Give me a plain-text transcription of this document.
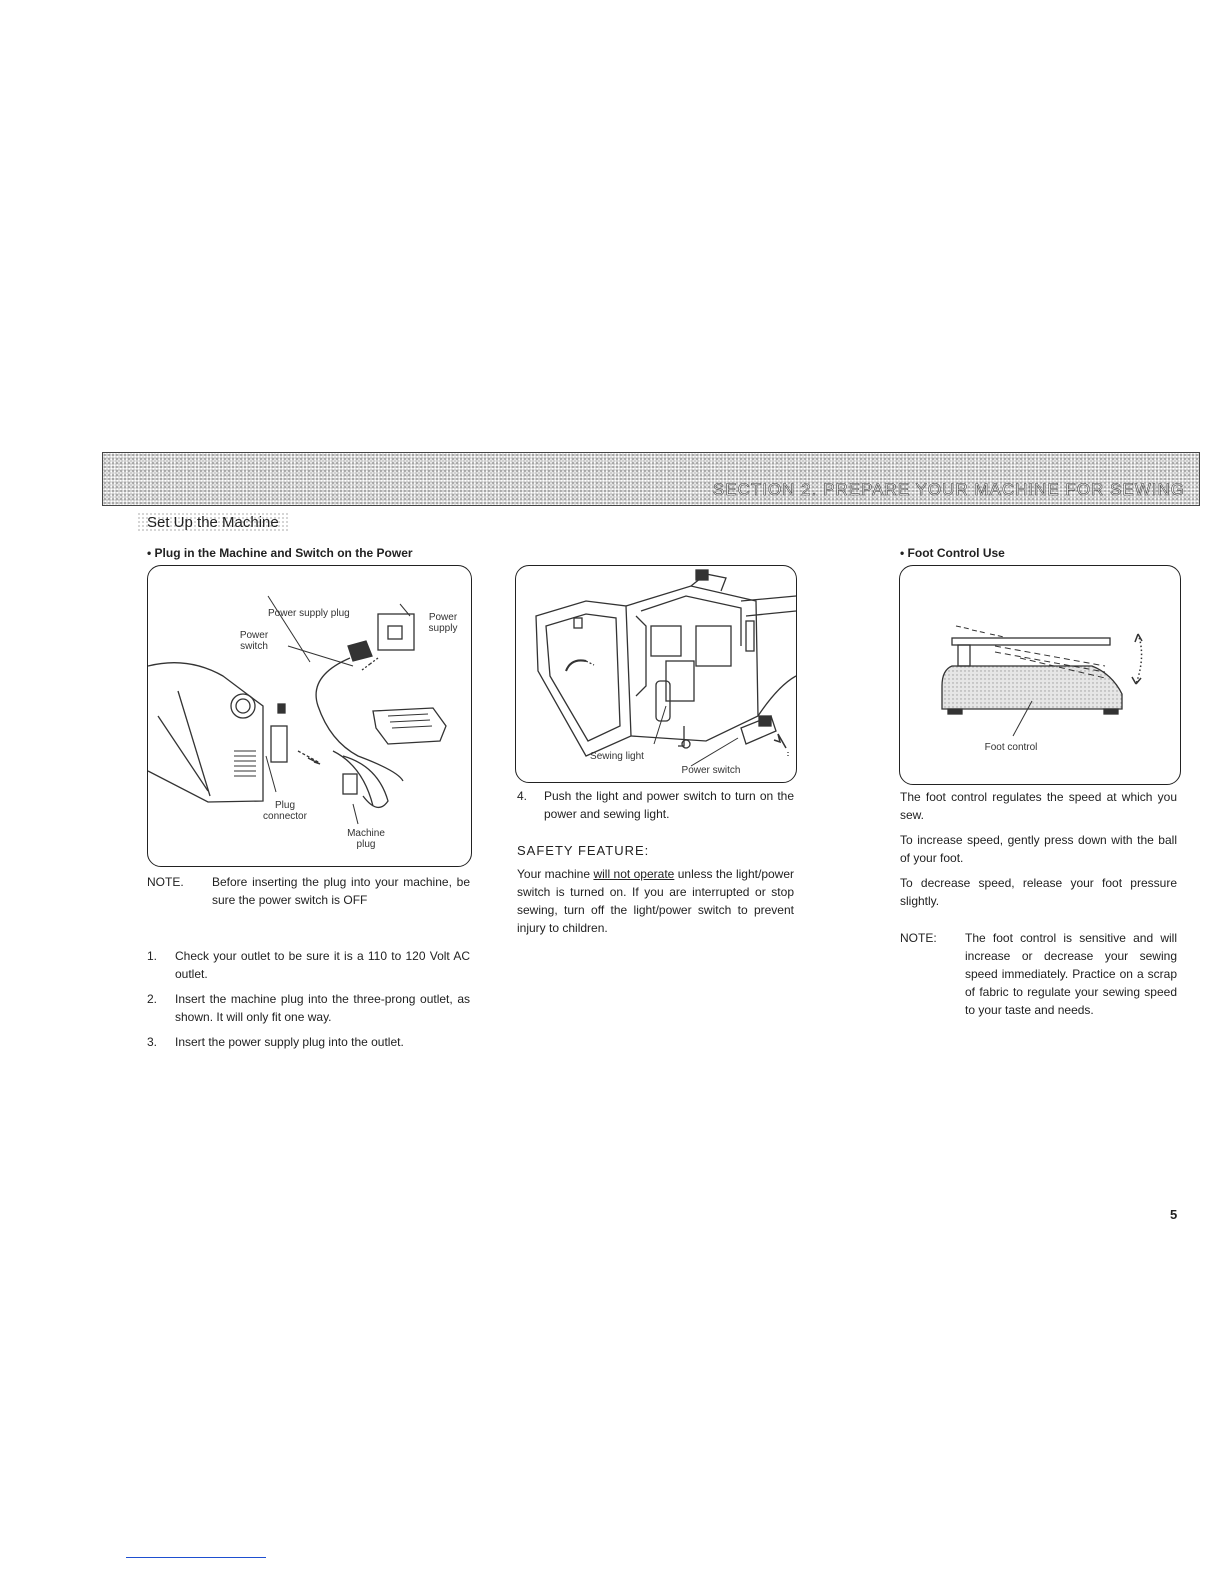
SECTION 2. PREPARE YOUR MACHINE FOR SEWING
Set Up the Machine
• Plug in the Machine and Switch on the Power
Power supply plug	Power supply
Power switch
Plug connector
Machine plug
NOTE. Before inserting the plug into your machine, be sure the power switch is OFF
1. Check your outlet to be sure it is a 110 to 120 Volt AC outlet.
2. Insert the machine plug into the three-prong outlet, as shown. It will only fit one way.
3. Insert the power supply plug into the outlet.
Sewing light
Power switch
4. Push the light and power switch to turn on the power and sewing light.
SAFETY FEATURE:
Your machine will not operate unless the light/power switch is turned on. If you are interrupted or stop sewing, turn off the light/power switch to prevent injury to children.
• Foot Control Use
Foot control
The foot control regulates the speed at which you sew.
To increase speed, gently press down with the ball of your foot.
To decrease speed, release your foot pressure slightly.
NOTE: The foot control is sensitive and will increase or decrease your sewing speed immediately. Practice on a scrap of fabric to regulate your sewing speed to your taste and needs.
5
